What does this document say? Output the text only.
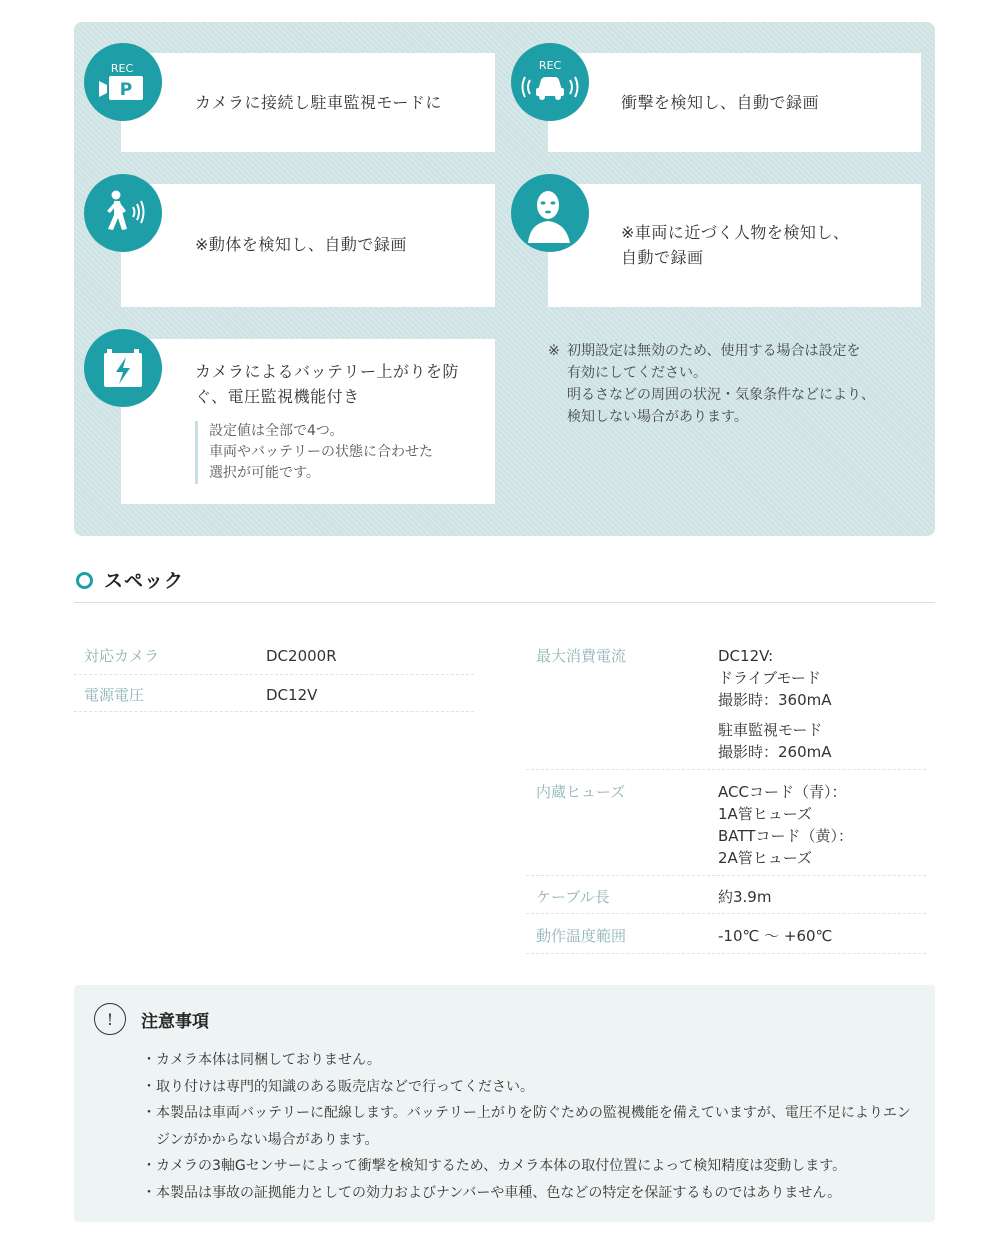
カメラに接続し駐車監視モードに
REC
P
衝撃を検知し、自動で録画
REC
※動体を検知し、自動で録画
※車両に近づく人物を検知し、
自動で録画
カメラによるバッテリー上がりを防
ぐ、電圧監視機能付き
設定値は全部で4つ。
車両やバッテリーの状態に合わせた
選択が可能です。
※ 初期設定は無効のため、使用する場合は設定を
有効にしてください。
明るさなどの周囲の状況・気象条件などにより、
検知しない場合があります。
スペック
対応カメラ	DC2000R
電源電圧	DC12V
最大消費電流	DC12V:
ドライブモード
撮影時：360mA
駐車監視モード
撮影時：260mA
内蔵ヒューズ	ACCコード（青）：
1A管ヒューズ
BATTコード（黄）：
2A管ヒューズ
ケーブル長	約3.9m
動作温度範囲	-10℃ ～ +60℃
!	注意事項
・カメラ本体は同梱しておりません。
・取り付けは専門的知識のある販売店などで行ってください。
・本製品は車両バッテリーに配線します。バッテリー上がりを防ぐための監視機能を備えていますが、電圧不足によりエンジンがかからない場合があります。
・カメラの3軸Gセンサーによって衝撃を検知するため、カメラ本体の取付位置によって検知精度は変動します。
・本製品は事故の証拠能力としての効力およびナンバーや車種、色などの特定を保証するものではありません。
